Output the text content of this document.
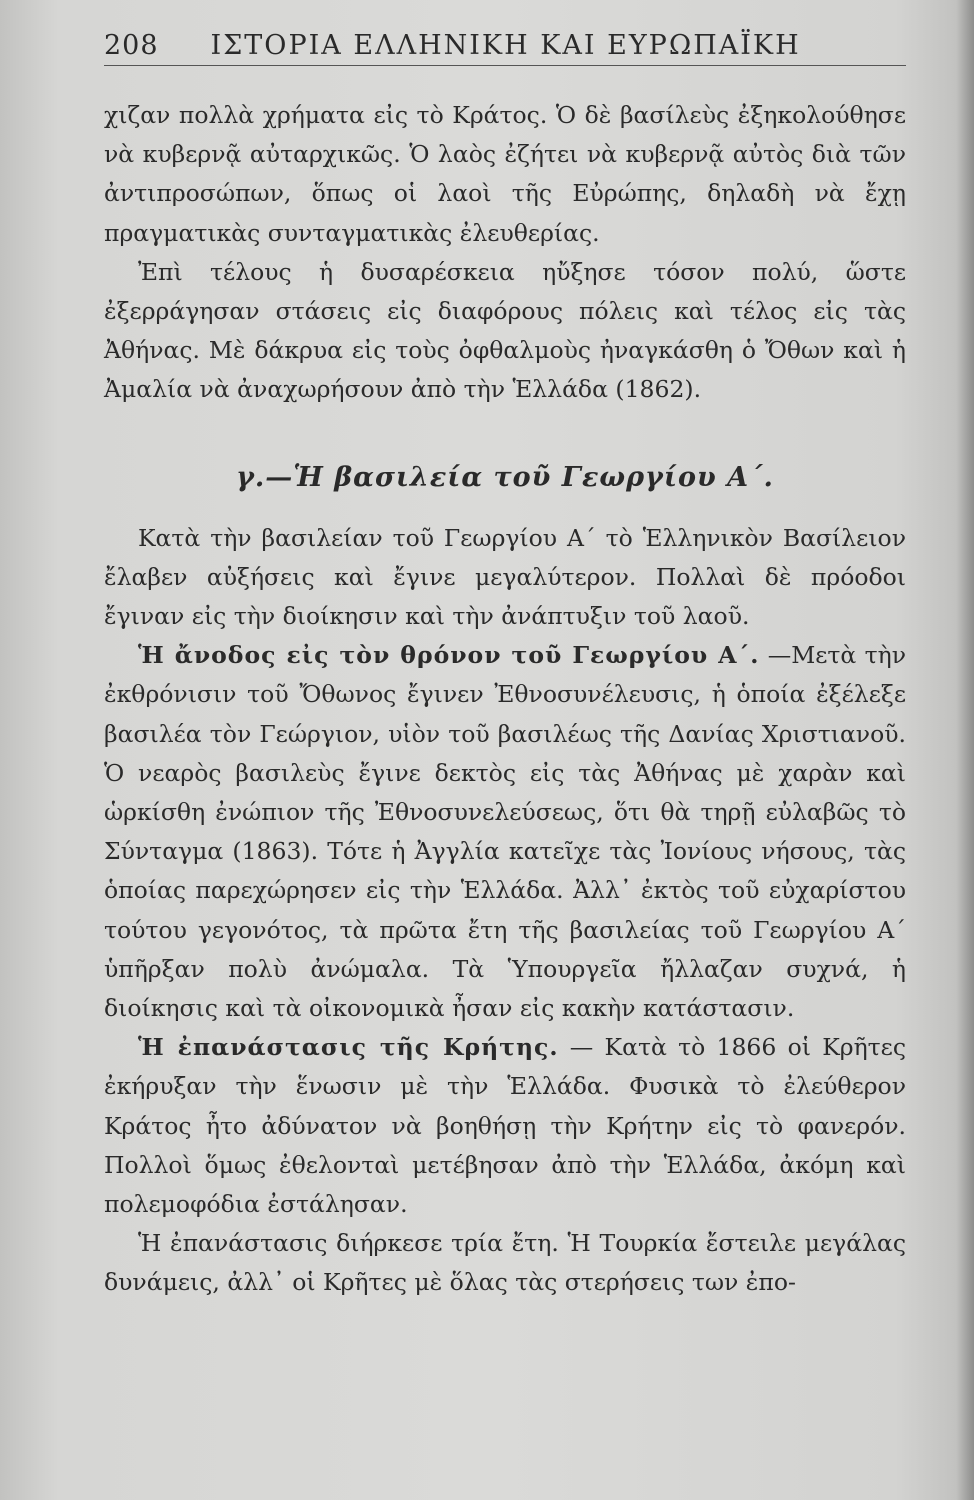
208 ΙΣΤΟΡΙΑ ΕΛΛΗΝΙΚΗ ΚΑΙ ΕΥΡΩΠΑΪΚΗ

χιζαν πολλὰ χρήματα εἰς τὸ Κράτος. Ὁ δὲ βασίλεὺς ἐξηκολούθησε νὰ κυβερνᾷ αὐταρχικῶς. Ὁ λαὸς ἐζήτει νὰ κυβερνᾷ αὐτὸς διὰ τῶν ἀντιπροσώπων, ὅπως οἱ λαοὶ τῆς Εὐρώπης, δηλαδὴ νὰ ἔχῃ πραγματικὰς συνταγματικὰς ἐλευθερίας.

Ἐπὶ τέλους ἡ δυσαρέσκεια ηὔξησε τόσον πολύ, ὥστε ἐξερράγησαν στάσεις εἰς διαφόρους πόλεις καὶ τέλος εἰς τὰς Ἀθήνας. Μὲ δάκρυα εἰς τοὺς ὀφθαλμοὺς ἠναγκάσθη ὁ Ὄθων καὶ ἡ Ἀμαλία νὰ ἀναχωρήσουν ἀπὸ τὴν Ἑλλάδα (1862).

γ.—Ἡ βασιλεία τοῦ Γεωργίου Α΄.

Κατὰ τὴν βασιλείαν τοῦ Γεωργίου Α΄ τὸ Ἑλληνικὸν Βασίλειον ἔλαβεν αὐξήσεις καὶ ἔγινε μεγαλύτερον. Πολλαὶ δὲ πρόοδοι ἔγιναν εἰς τὴν διοίκησιν καὶ τὴν ἀνάπτυξιν τοῦ λαοῦ.

Ἡ ἄνοδος εἰς τὸν θρόνον τοῦ Γεωργίου Α΄. —Μετὰ τὴν ἐκθρόνισιν τοῦ Ὄθωνος ἔγινεν Ἐθνοσυνέλευσις, ἡ ὁποία ἐξέλεξε βασιλέα τὸν Γεώργιον, υἱὸν τοῦ βασιλέως τῆς Δανίας Χριστιανοῦ. Ὁ νεαρὸς βασιλεὺς ἔγινε δεκτὸς εἰς τὰς Ἀθήνας μὲ χαρὰν καὶ ὡρκίσθη ἐνώπιον τῆς Ἐθνοσυνελεύσεως, ὅτι θὰ τηρῇ εὐλαβῶς τὸ Σύνταγμα (1863). Τότε ἡ Ἀγγλία κατεῖχε τὰς Ἰονίους νήσους, τὰς ὁποίας παρεχώρησεν εἰς τὴν Ἑλλάδα. Ἀλλ᾽ ἐκτὸς τοῦ εὐχαρίστου τούτου γεγονότος, τὰ πρῶτα ἔτη τῆς βασιλείας τοῦ Γεωργίου Α΄ ὑπῆρξαν πολὺ ἀνώμαλα. Τὰ Ὑπουργεῖα ἤλλαζαν συχνά, ἡ διοίκησις καὶ τὰ οἰκονομικὰ ἦσαν εἰς κακὴν κατάστασιν.

Ἡ ἐπανάστασις τῆς Κρήτης. — Κατὰ τὸ 1866 οἱ Κρῆτες ἐκήρυξαν τὴν ἕνωσιν μὲ τὴν Ἑλλάδα. Φυσικὰ τὸ ἐλεύθερον Κράτος ἦτο ἀδύνατον νὰ βοηθήσῃ τὴν Κρήτην εἰς τὸ φανερόν. Πολλοὶ ὅμως ἐθελονταὶ μετέβησαν ἀπὸ τὴν Ἑλλάδα, ἀκόμη καὶ πολεμοφόδια ἐστάλησαν.

Ἡ ἐπανάστασις διήρκεσε τρία ἔτη. Ἡ Τουρκία ἔστειλε μεγάλας δυνάμεις, ἀλλ᾽ οἱ Κρῆτες μὲ ὅλας τὰς στερήσεις των ἐπο-
